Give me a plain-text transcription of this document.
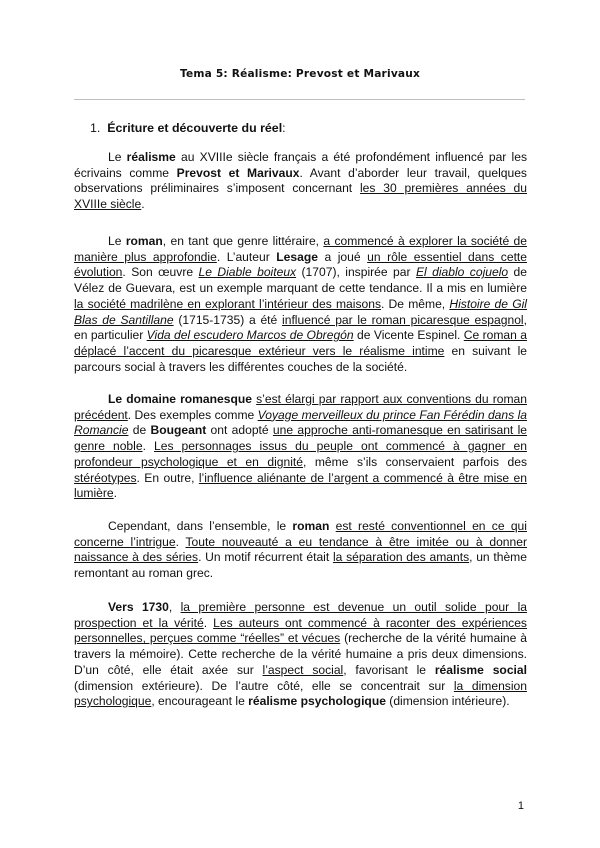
Tema 5: Réalisme: Prevost et Marivaux
1. Écriture et découverte du réel:

Le réalisme au XVIIIe siècle français a été profondément influencé par les écrivains comme Prevost et Marivaux. Avant d’aborder leur travail, quelques observations préliminaires s’imposent concernant les 30 premières années du XVIIIe siècle.

Le roman, en tant que genre littéraire, a commencé à explorer la société de manière plus approfondie. L’auteur Lesage a joué un rôle essentiel dans cette évolution. Son œuvre Le Diable boiteux (1707), inspirée par El diablo cojuelo de Vélez de Guevara, est un exemple marquant de cette tendance. Il a mis en lumière la société madrilène en explorant l’intérieur des maisons. De même, Histoire de Gil Blas de Santillane (1715-1735) a été influencé par le roman picaresque espagnol, en particulier Vida del escudero Marcos de Obregón de Vicente Espinel. Ce roman a déplacé l’accent du picaresque extérieur vers le réalisme intime en suivant le parcours social à travers les différentes couches de la société.

Le domaine romanesque s’est élargi par rapport aux conventions du roman précédent. Des exemples comme Voyage merveilleux du prince Fan Férédin dans la Romancie de Bougeant ont adopté une approche anti-romanesque en satirisant le genre noble. Les personnages issus du peuple ont commencé à gagner en profondeur psychologique et en dignité, même s’ils conservaient parfois des stéréotypes. En outre, l’influence aliénante de l’argent a commencé à être mise en lumière.

Cependant, dans l’ensemble, le roman est resté conventionnel en ce qui concerne l’intrigue. Toute nouveauté a eu tendance à être imitée ou à donner naissance à des séries. Un motif récurrent était la séparation des amants, un thème remontant au roman grec.

Vers 1730, la première personne est devenue un outil solide pour la prospection et la vérité. Les auteurs ont commencé à raconter des expériences personnelles, perçues comme “réelles” et vécues (recherche de la vérité humaine à travers la mémoire). Cette recherche de la vérité humaine a pris deux dimensions. D’un côté, elle était axée sur l’aspect social, favorisant le réalisme social (dimension extérieure). De l’autre côté, elle se concentrait sur la dimension psychologique, encourageant le réalisme psychologique (dimension intérieure).

1
